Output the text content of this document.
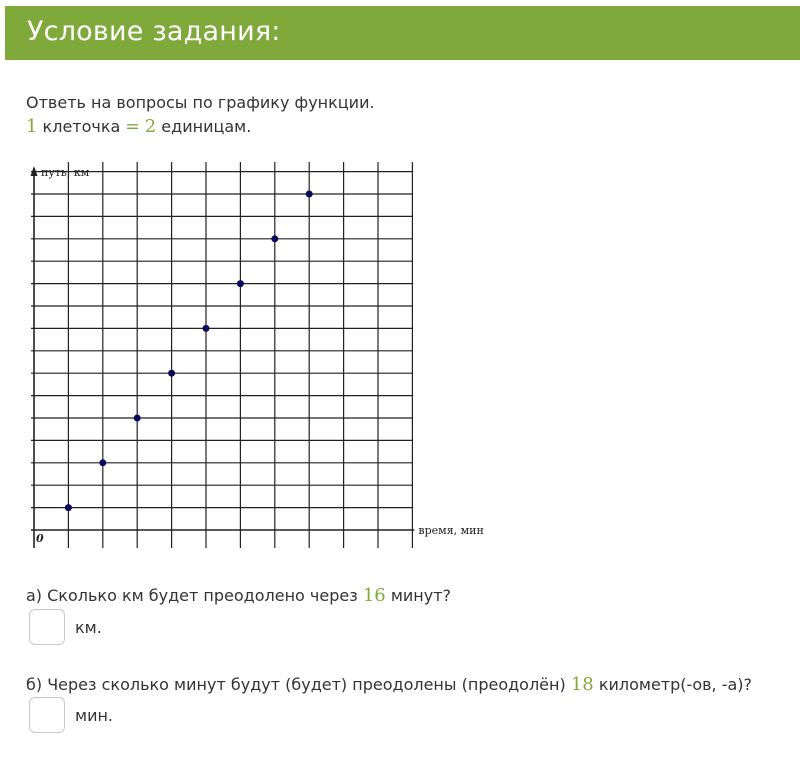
Условие задания:
Ответь на вопросы по графику функции.
1 клеточка = 2 единицам.
путь, км
время, мин
0
а) Сколько км будет преодолено через 16 минут?
км.
б) Через сколько минут будут (будет) преодолены (преодолён) 18 километр(-ов, -а)?
мин.
